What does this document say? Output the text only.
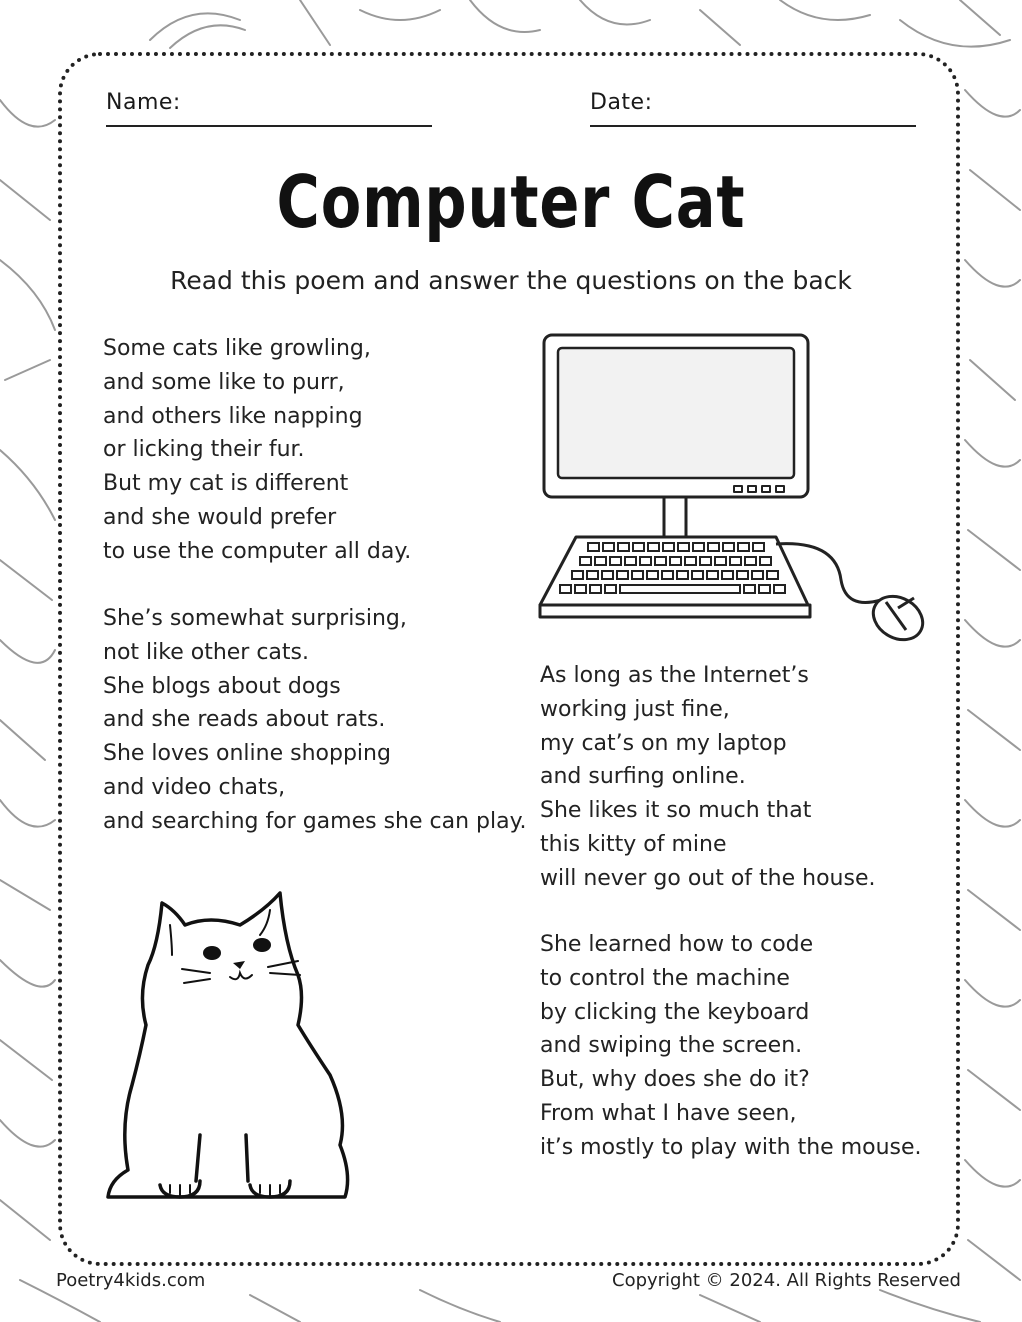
Name:	Date:
Computer Cat
Read this poem and answer the questions on the back
Some cats like growling,
and some like to purr,
and others like napping
or licking their fur.
But my cat is different
and she would prefer
to use the computer all day.
She’s somewhat surprising,
not like other cats.
She blogs about dogs
and she reads about rats.
She loves online shopping
and video chats,
and searching for games she can play.
As long as the Internet’s
working just fine,
my cat’s on my laptop
and surfing online.
She likes it so much that
this kitty of mine
will never go out of the house.
She learned how to code
to control the machine
by clicking the keyboard
and swiping the screen.
But, why does she do it?
From what I have seen,
it’s mostly to play with the mouse.
Poetry4kids.com	Copyright © 2024. All Rights Reserved
